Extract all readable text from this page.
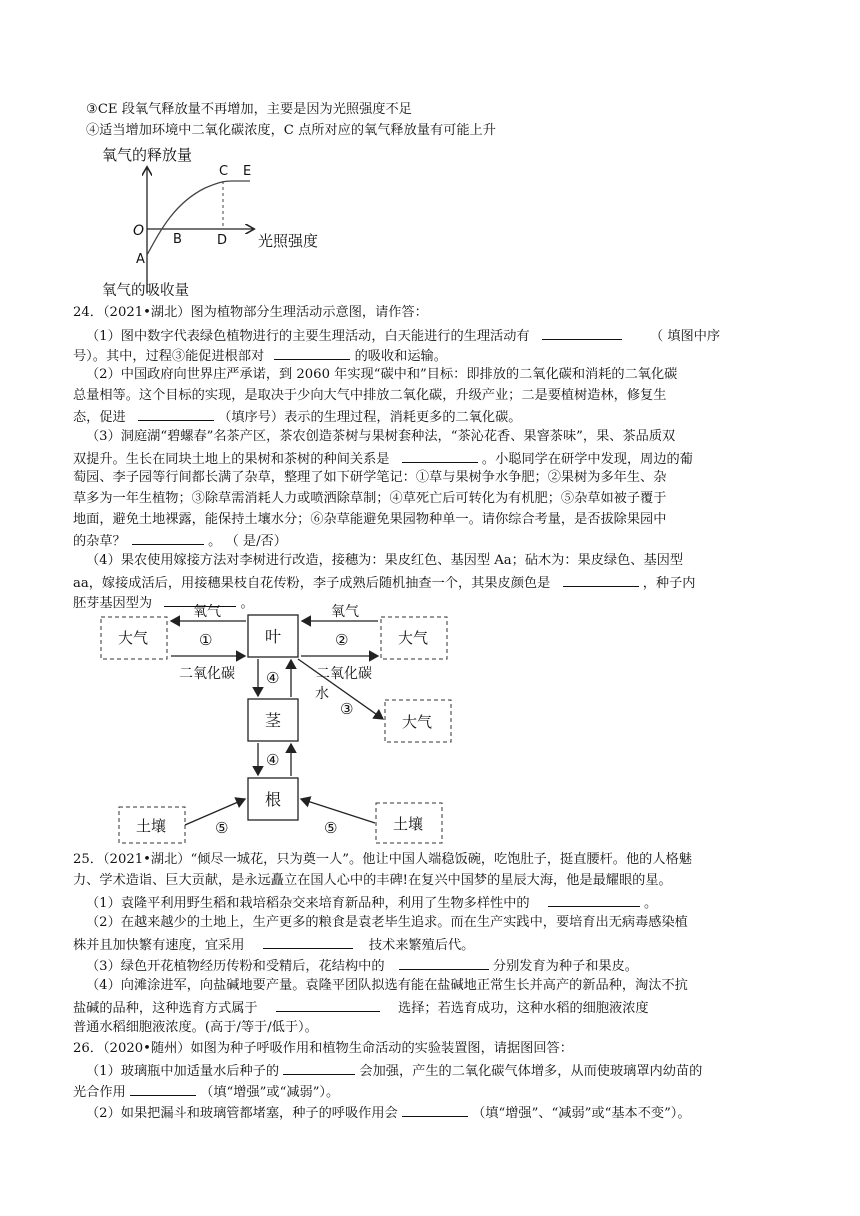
③CE 段氧气释放量不再增加，主要是因为光照强度不足
④适当增加环境中二氧化碳浓度，C 点所对应的氧气释放量有可能上升
氧气的释放量
O
A
B
C E
D 光照强度
氧气的吸收量
24．（2021•湖北）图为植物部分生理活动示意图，请作答：
（1）图中数字代表绿色植物进行的主要生理活动，白天能进行的生理活动有	（ 填图中序
号）。其中，过程③能促进根部对	的吸收和运输。
（2）中国政府向世界庄严承诺，到 2060 年实现“碳中和”目标：即排放的二氧化碳和消耗的二氧化碳
总量相等。这个目标的实现，是取决于少向大气中排放二氧化碳，升级产业；二是要植树造林，修复生
态，促进	（填序号）表示的生理过程，消耗更多的二氧化碳。
（3）洞庭湖“碧螺春”名茶产区，茶农创造茶树与果树套种法，“茶沁花香、果窨茶味”，果、茶品质双
双提升。生长在同块土地上的果树和茶树的种间关系是	。小聪同学在研学中发现，周边的葡
萄园、李子园等行间都长满了杂草，整理了如下研学笔记：①草与果树争水争肥；②果树为多年生、杂
草多为一年生植物；③除草需消耗人力或喷洒除草制；④草死亡后可转化为有机肥；⑤杂草如被子覆于
地面，避免土地裸露，能保持土壤水分；⑥杂草能避免果园物种单一。请你综合考量，是否拔除果园中
的杂草？	。 （ 是/否）
（4）果农使用嫁接方法对李树进行改造，接穗为：果皮红色、基因型 Aa；砧木为：果皮绿色、基因型
aa，嫁接成活后，用接穗果枝自花传粉，李子成熟后随机抽查一个，其果皮颜色是	，种子内
胚芽基因型为	。
叶
茎
根
大气	大气
大气
土壤	土壤
氧气	氧气
二氧化碳	二氧化碳
水
①	②
③
④
④
⑤	⑤
25．（2021•湖北）“倾尽一城花，只为奠一人”。他让中国人端稳饭碗，吃饱肚子，挺直腰杆。他的人格魅
力、学术造诣、巨大贡献，是永远矗立在国人心中的丰碑!在复兴中国梦的星辰大海，他是最耀眼的星。
（1）袁隆平利用野生稻和栽培稻杂交来培育新品种，利用了生物多样性中的	。
（2）在越来越少的土地上，生产更多的粮食是袁老毕生追求。而在生产实践中，要培育出无病毒感染植
株并且加快繁有速度，宜采用	技术来繁殖后代。
（3）绿色开花植物经历传粉和受精后，花结构中的	分别发育为种子和果皮。
（4）向滩涂进军，向盐碱地要产量。袁隆平团队拟选有能在盐碱地正常生长并高产的新品种，淘汰不抗
盐碱的品种，这种选育方式属于	选择；若选育成功，这种水稻的细胞液浓度
普通水稻细胞液浓度。(高于/等于/低于）。
26．（2020•随州）如图为种子呼吸作用和植物生命活动的实验装置图，请据图回答：
（1）玻璃瓶中加适量水后种子的	会加强，产生的二氧化碳气体增多，从而使玻璃罩内幼苗的
光合作用	（填“增强”或“减弱”）。
（2）如果把漏斗和玻璃管都堵塞，种子的呼吸作用会	（填“增强”、“减弱”或“基本不变”）。
